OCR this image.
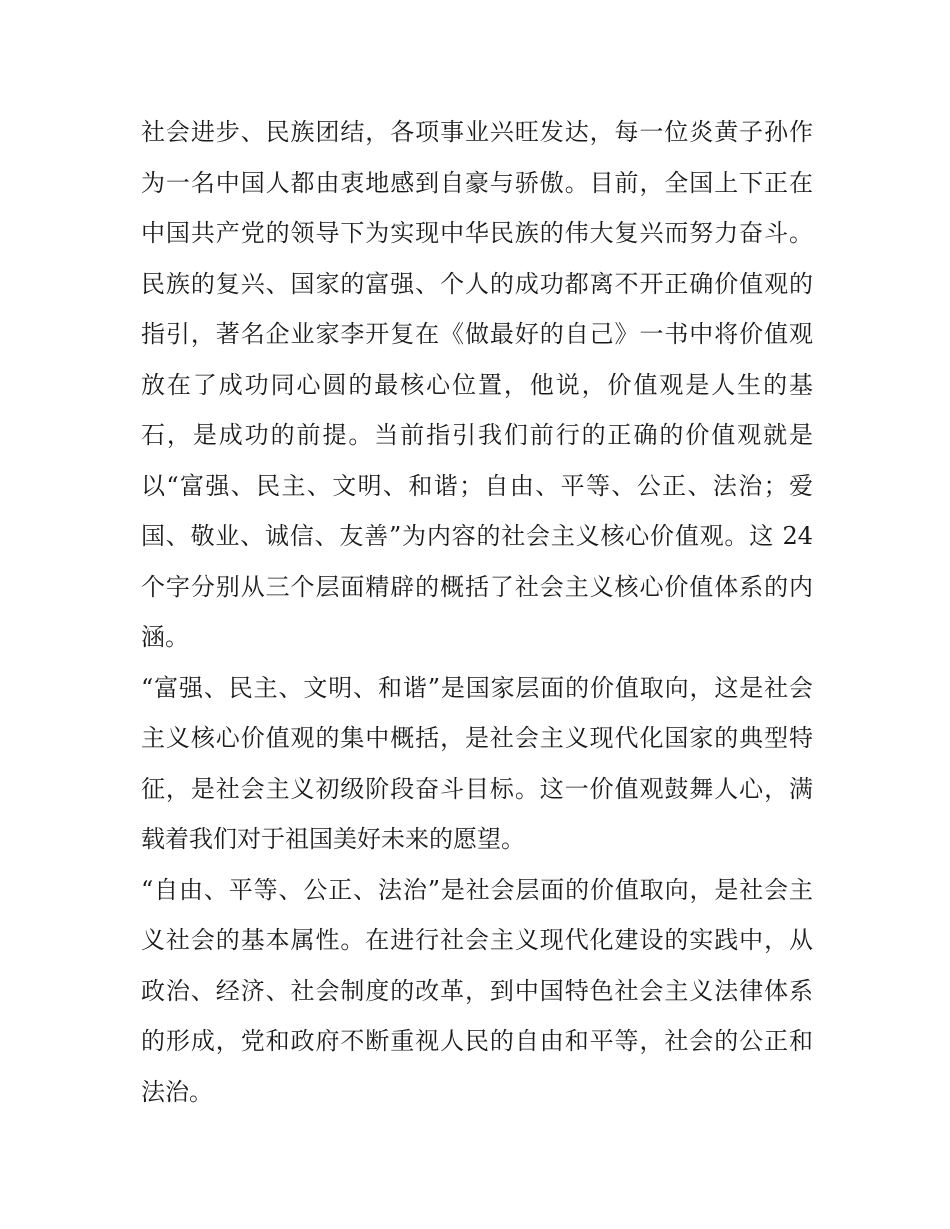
社会进步、民族团结，各项事业兴旺发达，每一位炎黄子孙作
为一名中国人都由衷地感到自豪与骄傲。目前，全国上下正在
中国共产党的领导下为实现中华民族的伟大复兴而努力奋斗。
民族的复兴、国家的富强、个人的成功都离不开正确价值观的
指引，著名企业家李开复在《做最好的自己》一书中将价值观
放在了成功同心圆的最核心位置，他说，价值观是人生的基
石，是成功的前提。当前指引我们前行的正确的价值观就是
以“富强、民主、文明、和谐；自由、平等、公正、法治；爱
国、敬业、诚信、友善”为内容的社会主义核心价值观。这 24
个字分别从三个层面精辟的概括了社会主义核心价值体系的内
涵。
“富强、民主、文明、和谐”是国家层面的价值取向，这是社会
主义核心价值观的集中概括，是社会主义现代化国家的典型特
征，是社会主义初级阶段奋斗目标。这一价值观鼓舞人心，满
载着我们对于祖国美好未来的愿望。
“自由、平等、公正、法治”是社会层面的价值取向，是社会主
义社会的基本属性。在进行社会主义现代化建设的实践中，从
政治、经济、社会制度的改革，到中国特色社会主义法律体系
的形成，党和政府不断重视人民的自由和平等，社会的公正和
法治。
